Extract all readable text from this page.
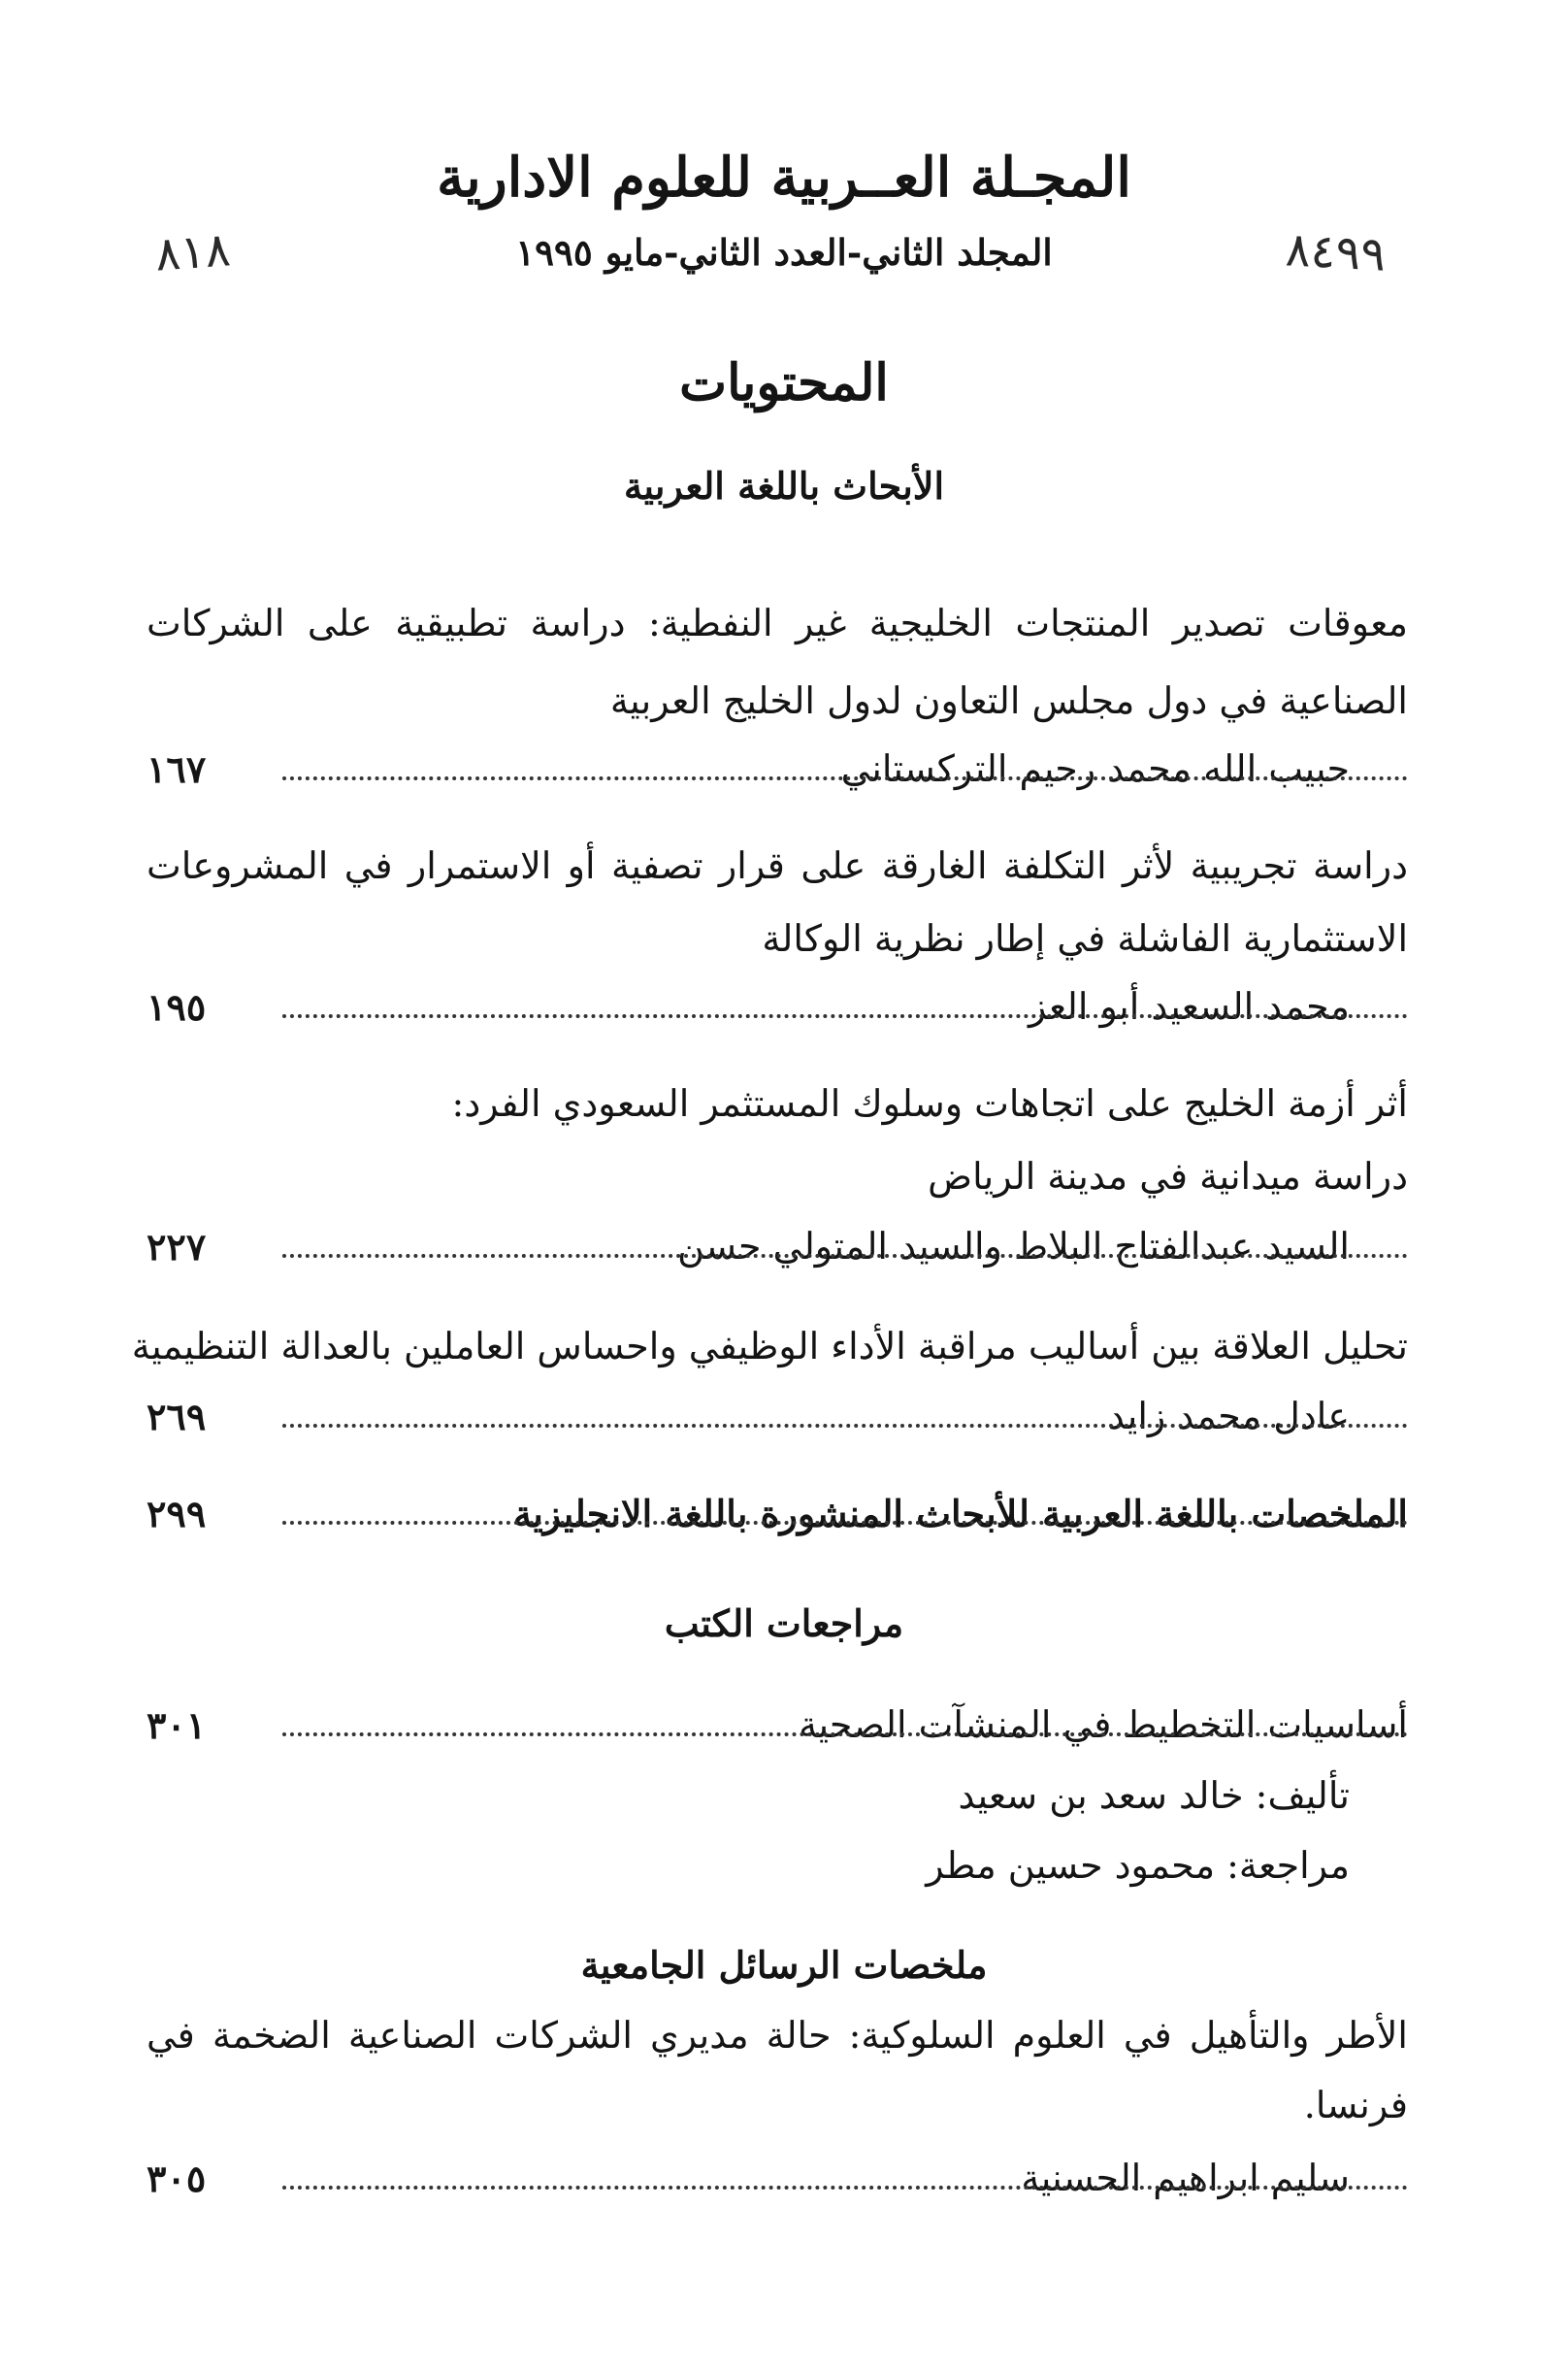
المجـلة العــربية للعلوم الادارية
المجلد الثاني-العدد الثاني-مايو ١٩٩٥
٨١٨	٨٤٩٩
المحتويات
الأبحاث باللغة العربية
معوقات تصدير المنتجات الخليجية غير النفطية: دراسة تطبيقية على الشركات
الصناعية في دول مجلس التعاون لدول الخليج العربية
حبيب الله محمد رحيم التركستاني
١٦٧
دراسة تجريبية لأثر التكلفة الغارقة على قرار تصفية أو الاستمرار في المشروعات
الاستثمارية الفاشلة في إطار نظرية الوكالة
محمد السعيد أبو العز
١٩٥
أثر أزمة الخليج على اتجاهات وسلوك المستثمر السعودي الفرد:
دراسة ميدانية في مدينة الرياض
السيد عبدالفتاح البلاط والسيد المتولي حسن
٢٢٧
تحليل العلاقة بين أساليب مراقبة الأداء الوظيفي واحساس العاملين بالعدالة التنظيمية
عادل محمد زايد
٢٦٩
الملخصات باللغة العربية للأبحاث المنشورة باللغة الانجليزية
٢٩٩
مراجعات الكتب
أساسيات التخطيط في المنشآت الصحية
٣٠١
تأليف: خالد سعد بن سعيد
مراجعة: محمود حسين مطر
ملخصات الرسائل الجامعية
الأطر والتأهيل في العلوم السلوكية: حالة مديري الشركات الصناعية الضخمة في
فرنسا.
سليم ابراهيم الحسنية
٣٠٥
